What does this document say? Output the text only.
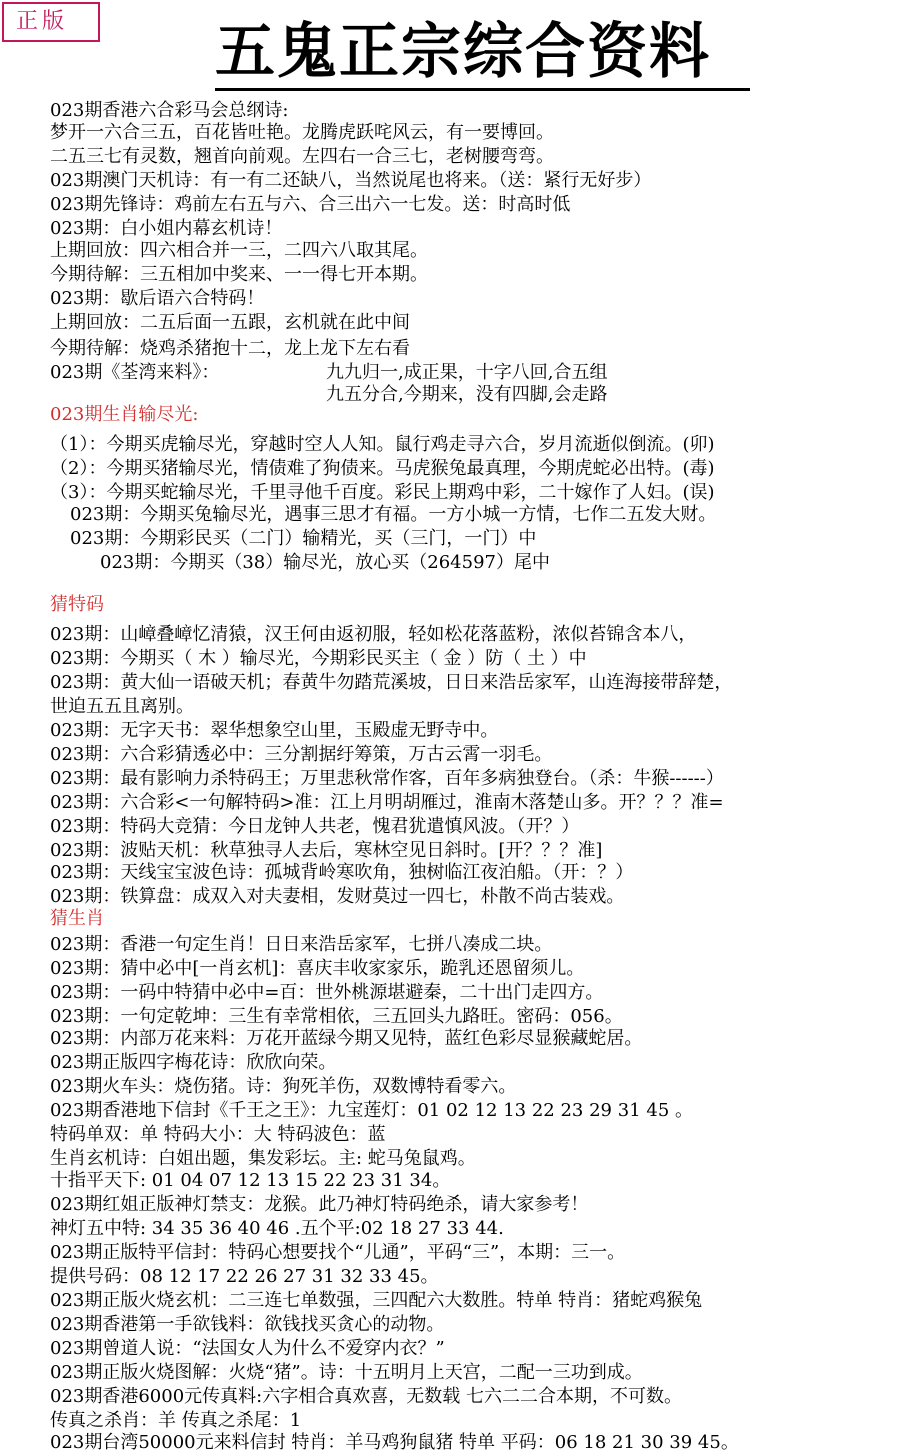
正版	五鬼正宗综合资料
023期香港六合彩马会总纲诗:
梦开一六合三五，百花皆吐艳。龙腾虎跃咤风云，有一要博回。
二五三七有灵数，翘首向前观。左四右一合三七，老树腰弯弯。
023期澳门天机诗：有一有二还缺八，当然说尾也将来。（送：紧行无好步）
023期先锋诗：鸡前左右五与六、合三出六一七发。送：时高时低
023期：白小姐内幕玄机诗！
上期回放：四六相合并一三，二四六八取其尾。
今期待解：三五相加中奖来、一一得七开本期。
023期：歇后语六合特码！
上期回放：二五后面一五跟，玄机就在此中间
今期待解：烧鸡杀猪抱十二，龙上龙下左右看
023期《荃湾来料》：	九九归一,成正果，十字八回,合五组
九五分合,今期来，没有四脚,会走路
023期生肖输尽光:
（1）：今期买虎输尽光，穿越时空人人知。鼠行鸡走寻六合，岁月流逝似倒流。(卯)
（2）：今期买猪输尽光，情债难了狗债来。马虎猴兔最真理，今期虎蛇必出特。(毒)
（3）：今期买蛇输尽光，千里寻他千百度。彩民上期鸡中彩，二十嫁作了人妇。(误)
023期：今期买兔输尽光，遇事三思才有福。一方小城一方情，七作二五发大财。
023期：今期彩民买（二门）输精光，买（三门，一门）中
023期：今期买（38）输尽光，放心买（264597）尾中
猜特码
023期：山嶂叠嶂忆清猿，汉王何由返初服，轻如松花落蓝粉，浓似苔锦含本八，
023期：今期买（ 木 ）输尽光，今期彩民买主（ 金 ）防（ 土 ）中
023期：黄大仙一语破天机；春黄牛勿踏荒溪坡，日日来浩岳家军，山连海接带辞楚，
世迫五五且离别。
023期：无字天书：翠华想象空山里，玉殿虚无野寺中。
023期：六合彩猜透必中：三分割据纡筹策，万古云霄一羽毛。
023期：最有影响力杀特码王；万里悲秋常作客，百年多病独登台。（杀：牛猴------）
023期：六合彩<一句解特码>准：江上月明胡雁过，淮南木落楚山多。开？？？准=
023期：特码大竞猜：今日龙钟人共老，愧君犹遣慎风波。（开？）
023期：波贴天机：秋草独寻人去后，寒林空见日斜时。[开？？？准]
023期：天线宝宝波色诗：孤城背岭寒吹角，独树临江夜泊船。（开：？）
023期：铁算盘：成双入对夫妻相，发财莫过一四七，朴散不尚古装戏。
猜生肖
023期：香港一句定生肖！日日来浩岳家军，七拼八凑成二块。
023期：猜中必中[一肖玄机]：喜庆丰收家家乐，跪乳还恩留须儿。
023期：一码中特猜中必中=百：世外桃源堪避秦，二十出门走四方。
023期：一句定乾坤：三生有幸常相依，三五回头九路旺。密码：056。
023期：内部万花来料：万花开蓝绿今期又见特，蓝红色彩尽显猴藏蛇居。
023期正版四字梅花诗：欣欣向荣。
023期火车头：烧伤猪。诗：狗死羊伤，双数博特看零六。
023期香港地下信封《千王之王》：九宝莲灯：01 02 12 13 22 23 29 31 45 。
特码单双：单 特码大小：大 特码波色：蓝
生肖玄机诗：白姐出题，集发彩坛。主: 蛇马兔鼠鸡。
十指平天下: 01 04 07 12 13 15 22 23 31 34。
023期红姐正版神灯禁支：龙猴。此乃神灯特码绝杀，请大家参考！
神灯五中特: 34 35 36 40 46 .五个平:02 18 27 33 44.
023期正版特平信封：特码心想要找个“儿通”，平码“三”，本期：三一。
提供号码：08 12 17 22 26 27 31 32 33 45。
023期正版火烧玄机：二三连七单数强，三四配六大数胜。特单 特肖：猪蛇鸡猴兔
023期香港第一手欲钱料：欲钱找买贪心的动物。
023期曾道人说：“法国女人为什么不爱穿内衣？”
023期正版火烧图解：火烧“猪”。诗：十五明月上天宫，二配一三功到成。
023期香港6000元传真料:六字相合真欢喜，无数载 七六二二合本期，不可数。
传真之杀肖：羊 传真之杀尾：1
023期台湾50000元来料信封 特肖：羊马鸡狗鼠猪 特单 平码：06 18 21 30 39 45。
